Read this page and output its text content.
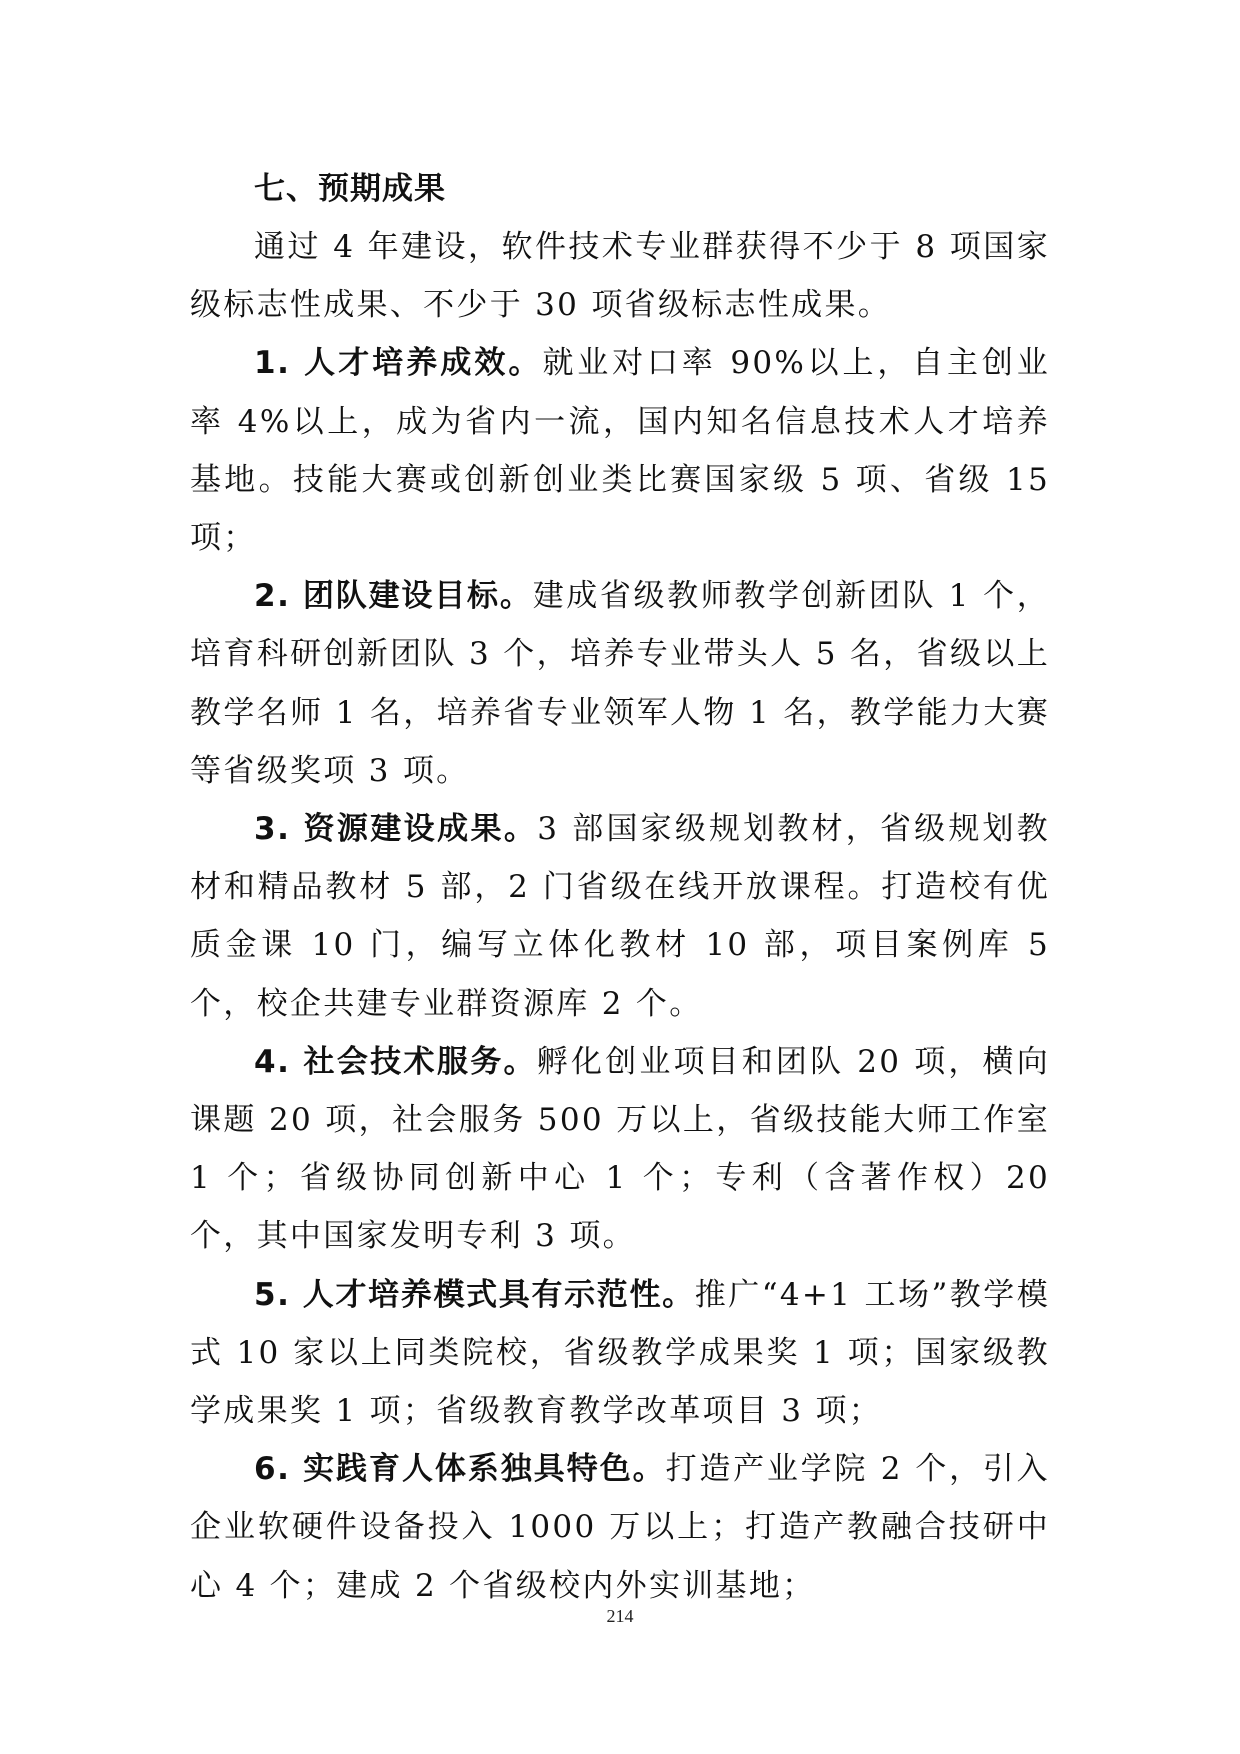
七、预期成果

通过 4 年建设，软件技术专业群获得不少于 8 项国家级标志性成果、不少于 30 项省级标志性成果。

1. 人才培养成效。就业对口率 90%以上，自主创业率 4%以上，成为省内一流，国内知名信息技术人才培养基地。技能大赛或创新创业类比赛国家级 5 项、省级 15 项；

2. 团队建设目标。建成省级教师教学创新团队 1 个，培育科研创新团队 3 个，培养专业带头人 5 名，省级以上教学名师 1 名，培养省专业领军人物 1 名，教学能力大赛等省级奖项 3 项。

3. 资源建设成果。3 部国家级规划教材，省级规划教材和精品教材 5 部，2 门省级在线开放课程。打造校有优质金课 10 门，编写立体化教材 10 部，项目案例库 5 个，校企共建专业群资源库 2 个。

4. 社会技术服务。孵化创业项目和团队 20 项，横向课题 20 项，社会服务 500 万以上，省级技能大师工作室 1 个；省级协同创新中心 1 个；专利（含著作权）20 个，其中国家发明专利 3 项。

5. 人才培养模式具有示范性。推广“4+1 工场”教学模式 10 家以上同类院校，省级教学成果奖 1 项；国家级教学成果奖 1 项；省级教育教学改革项目 3 项；

6. 实践育人体系独具特色。打造产业学院 2 个，引入企业软硬件设备投入 1000 万以上；打造产教融合技研中心 4 个；建成 2 个省级校内外实训基地；

214
